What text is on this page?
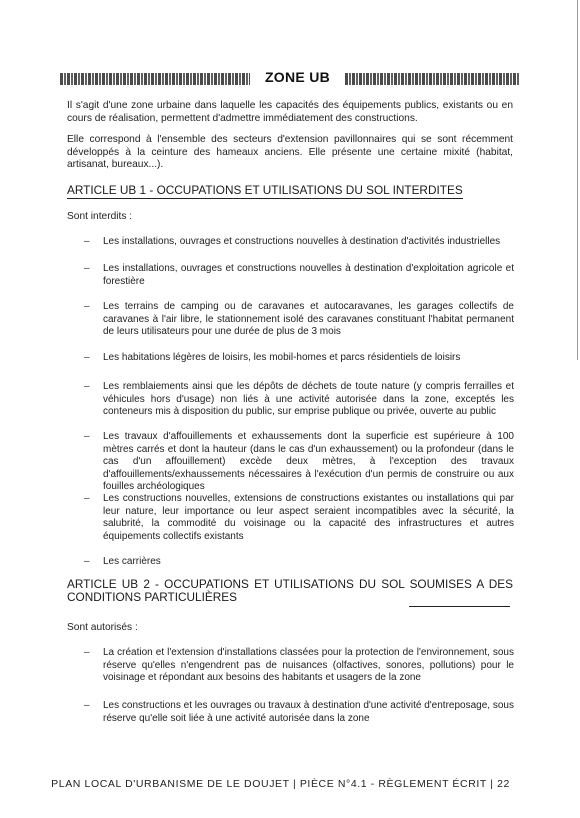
ZONE UB

Il s'agit d'une zone urbaine dans laquelle les capacités des équipements publics, existants ou en cours de réalisation, permettent d'admettre immédiatement des constructions.

Elle correspond à l'ensemble des secteurs d'extension pavillonnaires qui se sont récemment développés à la ceinture des hameaux anciens. Elle présente une certaine mixité (habitat, artisanat, bureaux...).

ARTICLE UB 1 - OCCUPATIONS ET UTILISATIONS DU SOL INTERDITES
Sont interdits :
– Les installations, ouvrages et constructions nouvelles à destination d'activités industrielles

– Les installations, ouvrages et constructions nouvelles à destination d'exploitation agricole et forestière

– Les terrains de camping ou de caravanes et autocaravanes, les garages collectifs de caravanes à l'air libre, le stationnement isolé des caravanes constituant l'habitat permanent de leurs utilisateurs pour une durée de plus de 3 mois

– Les habitations légères de loisirs, les mobil-homes et parcs résidentiels de loisirs

– Les remblaiements ainsi que les dépôts de déchets de toute nature (y compris ferrailles et véhicules hors d'usage) non liés à une activité autorisée dans la zone, exceptés les conteneurs mis à disposition du public, sur emprise publique ou privée, ouverte au public

– Les travaux d'affouillements et exhaussements dont la superficie est supérieure à 100 mètres carrés et dont la hauteur (dans le cas d'un exhaussement) ou la profondeur (dans le cas d'un affouillement) excède deux mètres, à l'exception des travaux d'affouillements/exhaussements nécessaires à l'exécution d'un permis de construire ou aux fouilles archéologiques

– Les constructions nouvelles, extensions de constructions existantes ou installations qui par leur nature, leur importance ou leur aspect seraient incompatibles avec la sécurité, la salubrité, la commodité du voisinage ou la capacité des infrastructures et autres équipements collectifs existants

– Les carrières

ARTICLE UB 2 - OCCUPATIONS ET UTILISATIONS DU SOL SOUMISES A DES CONDITIONS PARTICULIÈRES
Sont autorisés :
– La création et l'extension d'installations classées pour la protection de l'environnement, sous réserve qu'elles n'engendrent pas de nuisances (olfactives, sonores, pollutions) pour le voisinage et répondant aux besoins des habitants et usagers de la zone

– Les constructions et les ouvrages ou travaux à destination d'une activité d'entreposage, sous réserve qu'elle soit liée à une activité autorisée dans la zone

PLAN LOCAL D'URBANISME DE LE DOUJET | PIÈCE N°4.1 - RÈGLEMENT ÉCRIT | 22
